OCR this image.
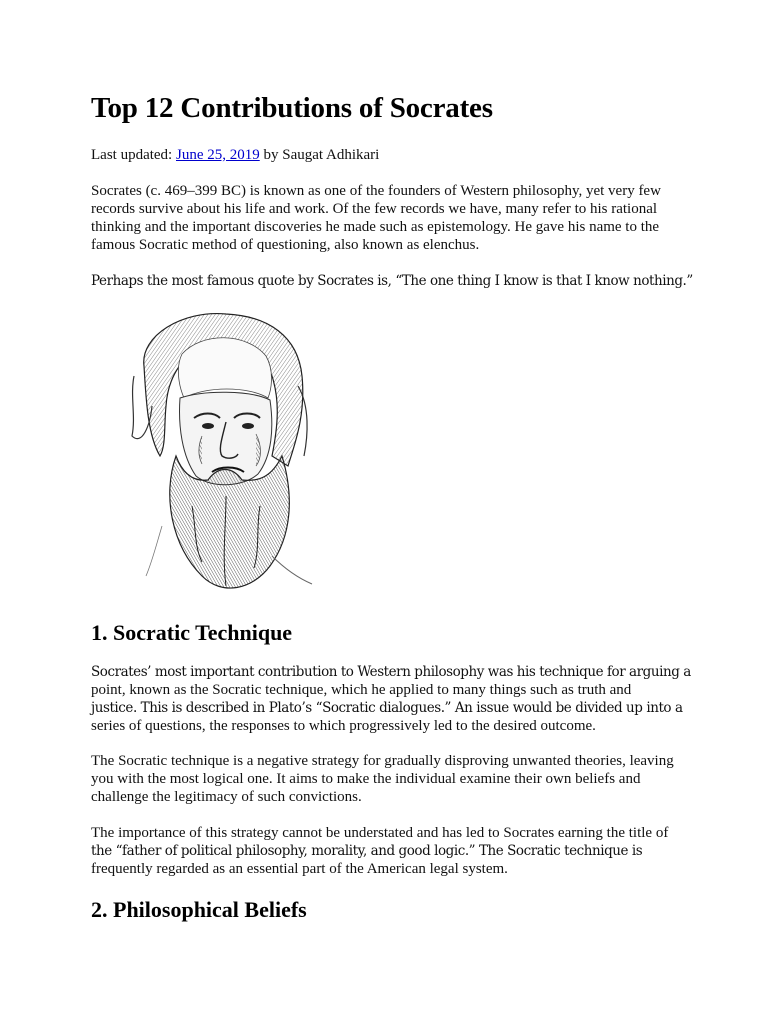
Top 12 Contributions of Socrates

Last updated: June 25, 2019 by Saugat Adhikari

Socrates (c. 469–399 BC) is known as one of the founders of Western philosophy, yet very few records survive about his life and work. Of the few records we have, many refer to his rational thinking and the important discoveries he made such as epistemology. He gave his name to the famous Socratic method of questioning, also known as elenchus.

Perhaps the most famous quote by Socrates is, “The one thing I know is that I know nothing.”

1. Socratic Technique
Socrates’ most important contribution to Western philosophy was his technique for arguing a
point, known as the Socratic technique, which he applied to many things such as truth and
justice. This is described in Plato’s “Socratic dialogues.” An issue would be divided up into a
series of questions, the responses to which progressively led to the desired outcome.

The Socratic technique is a negative strategy for gradually disproving unwanted theories, leaving you with the most logical one. It aims to make the individual examine their own beliefs and challenge the legitimacy of such convictions.

The importance of this strategy cannot be understated and has led to Socrates earning the title of
the “father of political philosophy, morality, and good logic.” The Socratic technique is
frequently regarded as an essential part of the American legal system.
2. Philosophical Beliefs
